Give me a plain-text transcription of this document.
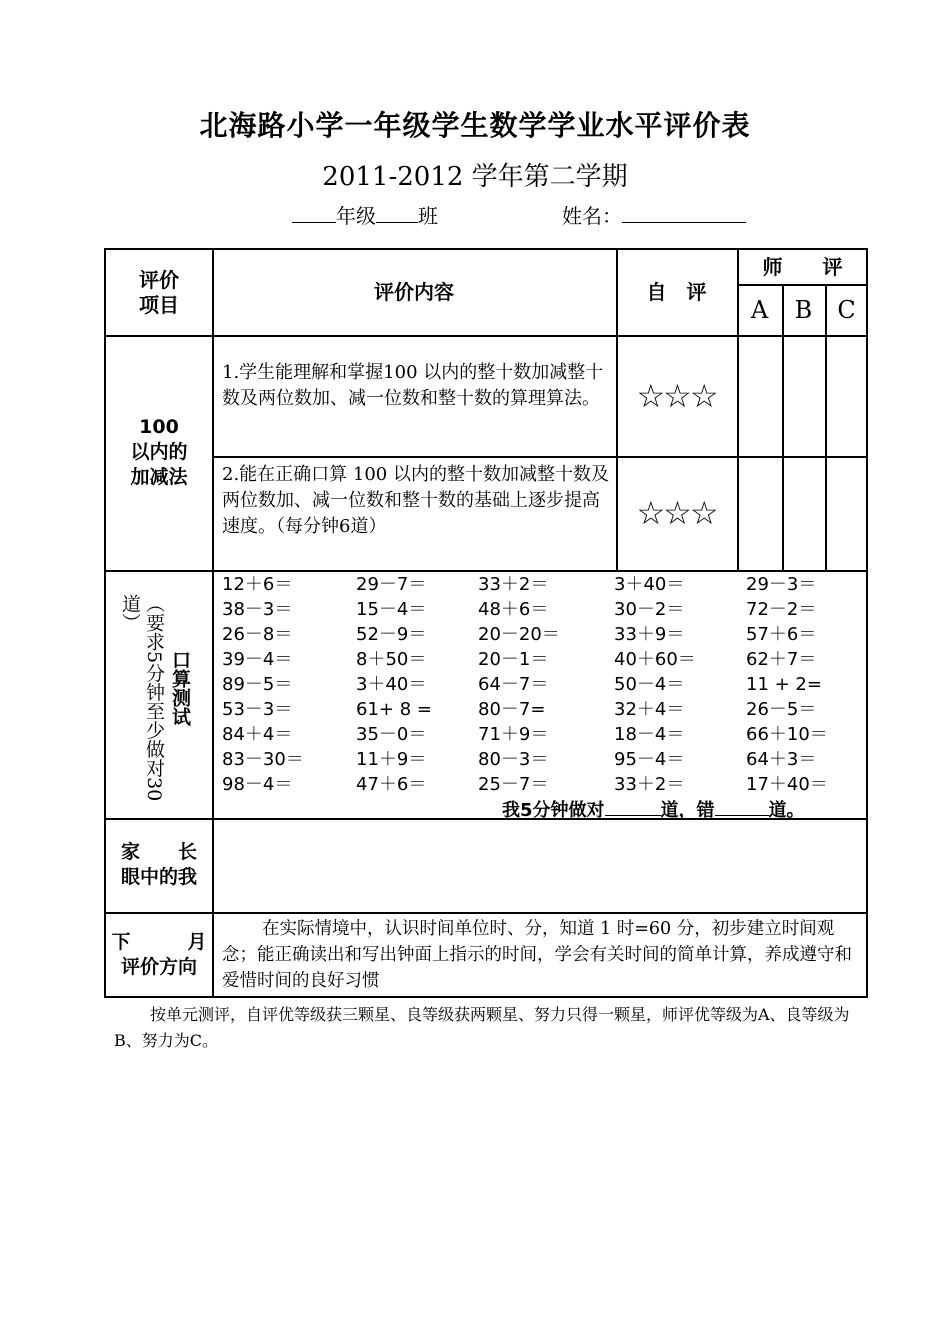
北海路小学一年级学生数学学业水平评价表
2011-2012 学年第二学期
年级 班	姓名：
评价
项目
评价内容	自　评
师　　评
A	B	C
100
以内的
加减法
1.学生能理解和掌握100 以内的整十数加减整十数及两位数加、减一位数和整十数的算理算法。	☆☆☆
2.能在正确口算 100 以内的整十数加减整十数及两位数加、减一位数和整十数的基础上逐步提高速度。（每分钟6道）	☆☆☆
口算测试
（要求5分钟至少做对30道）
12＋6＝	29－7＝	33＋2＝	3＋40＝	29－3＝
38－3＝	15－4＝	48＋6＝	30－2＝	72－2＝
26－8＝	52－9＝	20－20＝	33＋9＝	57＋6＝
39－4＝	8＋50＝	20－1＝	40＋60＝	62＋7＝
89－5＝	3＋40＝	64－7＝	50－4＝	11 + 2=
53－3＝	61+ 8 =	80－7=	32＋4＝	26－5＝
84＋4＝	35－0＝	71＋9＝	18－4＝	66＋10＝
83－30＝	11＋9＝	80－3＝	95－4＝	64＋3＝
98－4＝	47＋6＝	25－7＝	33＋2＝	17＋40＝
我5分钟做对	道，错	道。
家　　长
眼中的我
下　　　月
评价方向
在实际情境中，认识时间单位时、分，知道 1 时=60 分，初步建立时间观念；能正确读出和写出钟面上指示的时间，学会有关时间的简单计算，养成遵守和爱惜时间的良好习惯
按单元测评，自评优等级获三颗星、良等级获两颗星、努力只得一颗星，师评优等级为A、良等级为B、努力为C。
